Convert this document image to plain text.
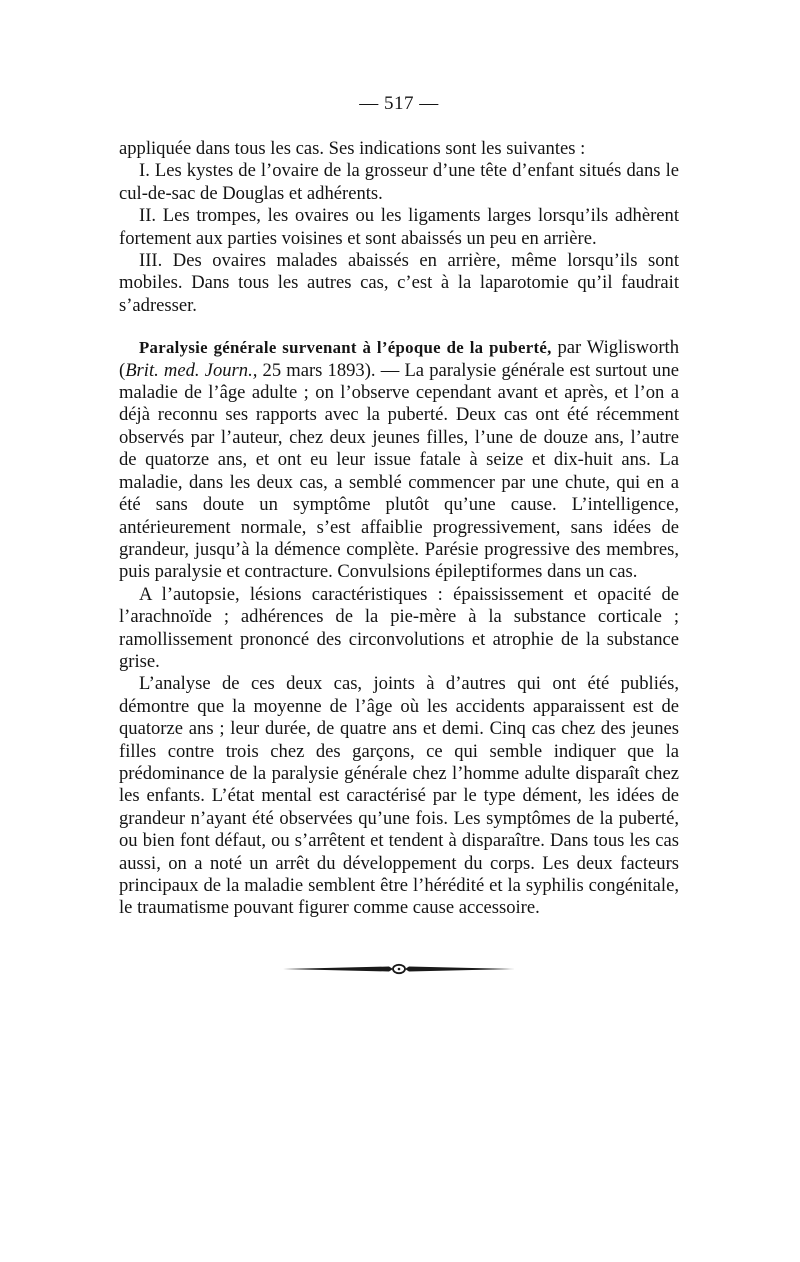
— 517 —

appliquée dans tous les cas. Ses indications sont les suivantes :

I. Les kystes de l’ovaire de la grosseur d’une tête d’enfant situés dans le cul-de-sac de Douglas et adhérents.

II. Les trompes, les ovaires ou les ligaments larges lorsqu’ils adhèrent fortement aux parties voisines et sont abaissés un peu en arrière.

III. Des ovaires malades abaissés en arrière, même lorsqu’ils sont mobiles. Dans tous les autres cas, c’est à la laparotomie qu’il faudrait s’adresser.

Paralysie générale survenant à l’époque de la puberté, par Wiglisworth (Brit. med. Journ., 25 mars 1893). — La paralysie générale est surtout une maladie de l’âge adulte ; on l’observe cependant avant et après, et l’on a déjà reconnu ses rapports avec la puberté. Deux cas ont été récemment observés par l’auteur, chez deux jeunes filles, l’une de douze ans, l’autre de quatorze ans, et ont eu leur issue fatale à seize et dix-huit ans. La maladie, dans les deux cas, a semblé commencer par une chute, qui en a été sans doute un symptôme plutôt qu’une cause. L’intelligence, antérieurement normale, s’est affaiblie progressivement, sans idées de grandeur, jusqu’à la démence complète. Parésie progressive des membres, puis paralysie et contracture. Convulsions épileptiformes dans un cas.

A l’autopsie, lésions caractéristiques : épaississement et opacité de l’arachnoïde ; adhérences de la pie-mère à la substance corticale ; ramollissement prononcé des circonvolutions et atrophie de la substance grise.

L’analyse de ces deux cas, joints à d’autres qui ont été publiés, démontre que la moyenne de l’âge où les accidents apparaissent est de quatorze ans ; leur durée, de quatre ans et demi. Cinq cas chez des jeunes filles contre trois chez des garçons, ce qui semble indiquer que la prédominance de la paralysie générale chez l’homme adulte disparaît chez les enfants. L’état mental est caractérisé par le type dément, les idées de grandeur n’ayant été observées qu’une fois. Les symptômes de la puberté, ou bien font défaut, ou s’arrêtent et tendent à disparaître. Dans tous les cas aussi, on a noté un arrêt du développement du corps. Les deux facteurs principaux de la maladie semblent être l’hérédité et la syphilis congénitale, le traumatisme pouvant figurer comme cause accessoire.
